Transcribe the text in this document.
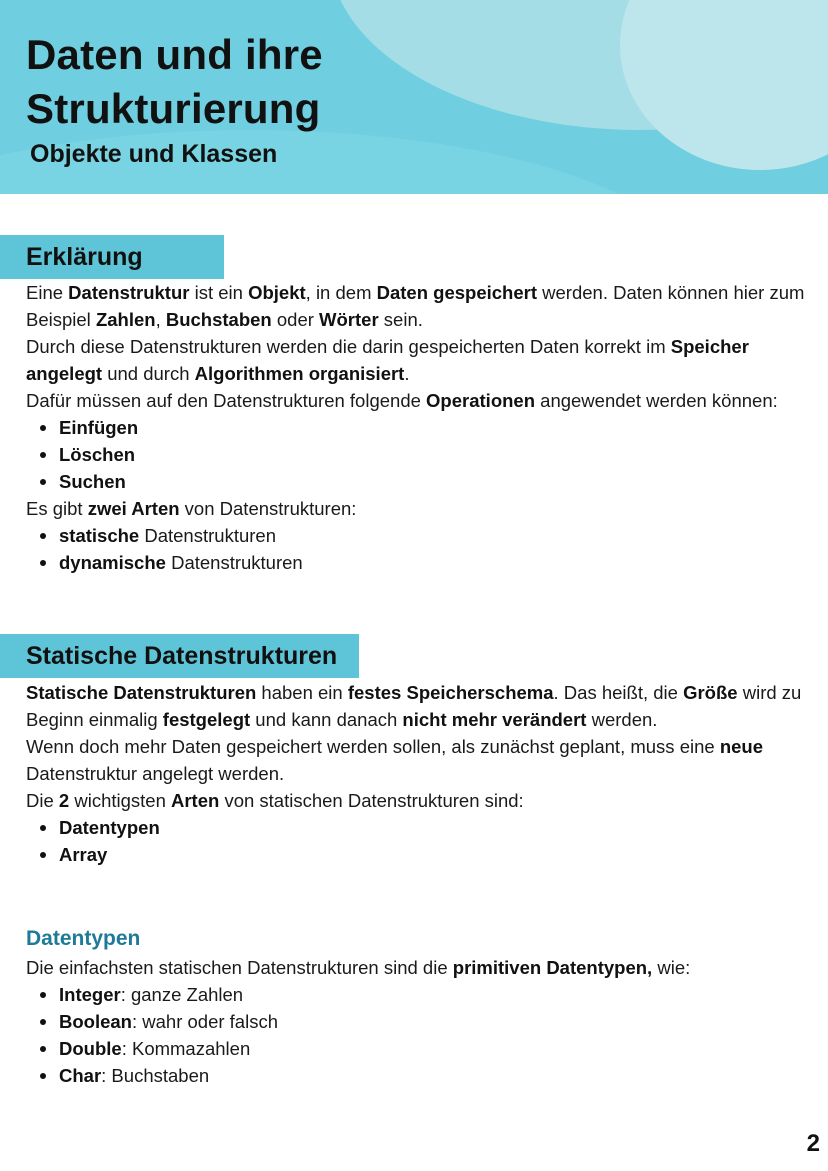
Daten und ihre
Strukturierung

Objekte und Klassen

Erklärung

Eine Datenstruktur ist ein Objekt, in dem Daten gespeichert werden. Daten können hier zum Beispiel Zahlen, Buchstaben oder Wörter sein.

Durch diese Datenstrukturen werden die darin gespeicherten Daten korrekt im Speicher angelegt und durch Algorithmen organisiert.

Dafür müssen auf den Datenstrukturen folgende Operationen angewendet werden können:

Einfügen
Löschen
Suchen

Es gibt zwei Arten von Datenstrukturen:

statische Datenstrukturen
dynamische Datenstrukturen
Statische Datenstrukturen

Statische Datenstrukturen haben ein festes Speicherschema. Das heißt, die Größe wird zu Beginn einmalig festgelegt und kann danach nicht mehr verändert werden.

Wenn doch mehr Daten gespeichert werden sollen, als zunächst geplant, muss eine neue Datenstruktur angelegt werden.

Die 2 wichtigsten Arten von statischen Datenstrukturen sind:

Datentypen
Array
Datentypen

Die einfachsten statischen Datenstrukturen sind die primitiven Datentypen, wie:

Integer: ganze Zahlen
Boolean: wahr oder falsch
Double: Kommazahlen
Char: Buchstaben
2
